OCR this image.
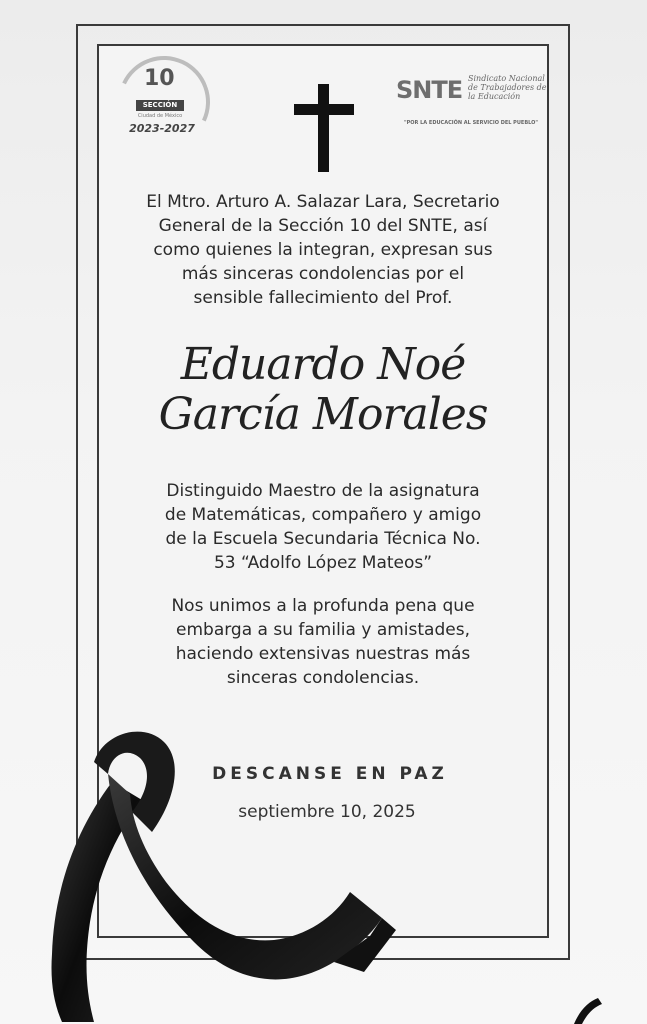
10
SECCIÓN
Ciudad de México
2023-2027
SNTE Sindicato Nacional de Trabajadores de la Educación
"POR LA EDUCACIÓN AL SERVICIO DEL PUEBLO"
El Mtro. Arturo A. Salazar Lara, Secretario
General de la Sección 10 del SNTE, así
como quienes la integran, expresan sus
más sinceras condolencias por el
sensible fallecimiento del Prof.
Eduardo Noé
García Morales
Distinguido Maestro de la asignatura
de Matemáticas, compañero y amigo
de la Escuela Secundaria Técnica No.
53 “Adolfo López Mateos”
Nos unimos a la profunda pena que
embarga a su familia y amistades,
haciendo extensivas nuestras más
sinceras condolencias.
DESCANSE EN PAZ
septiembre 10, 2025
